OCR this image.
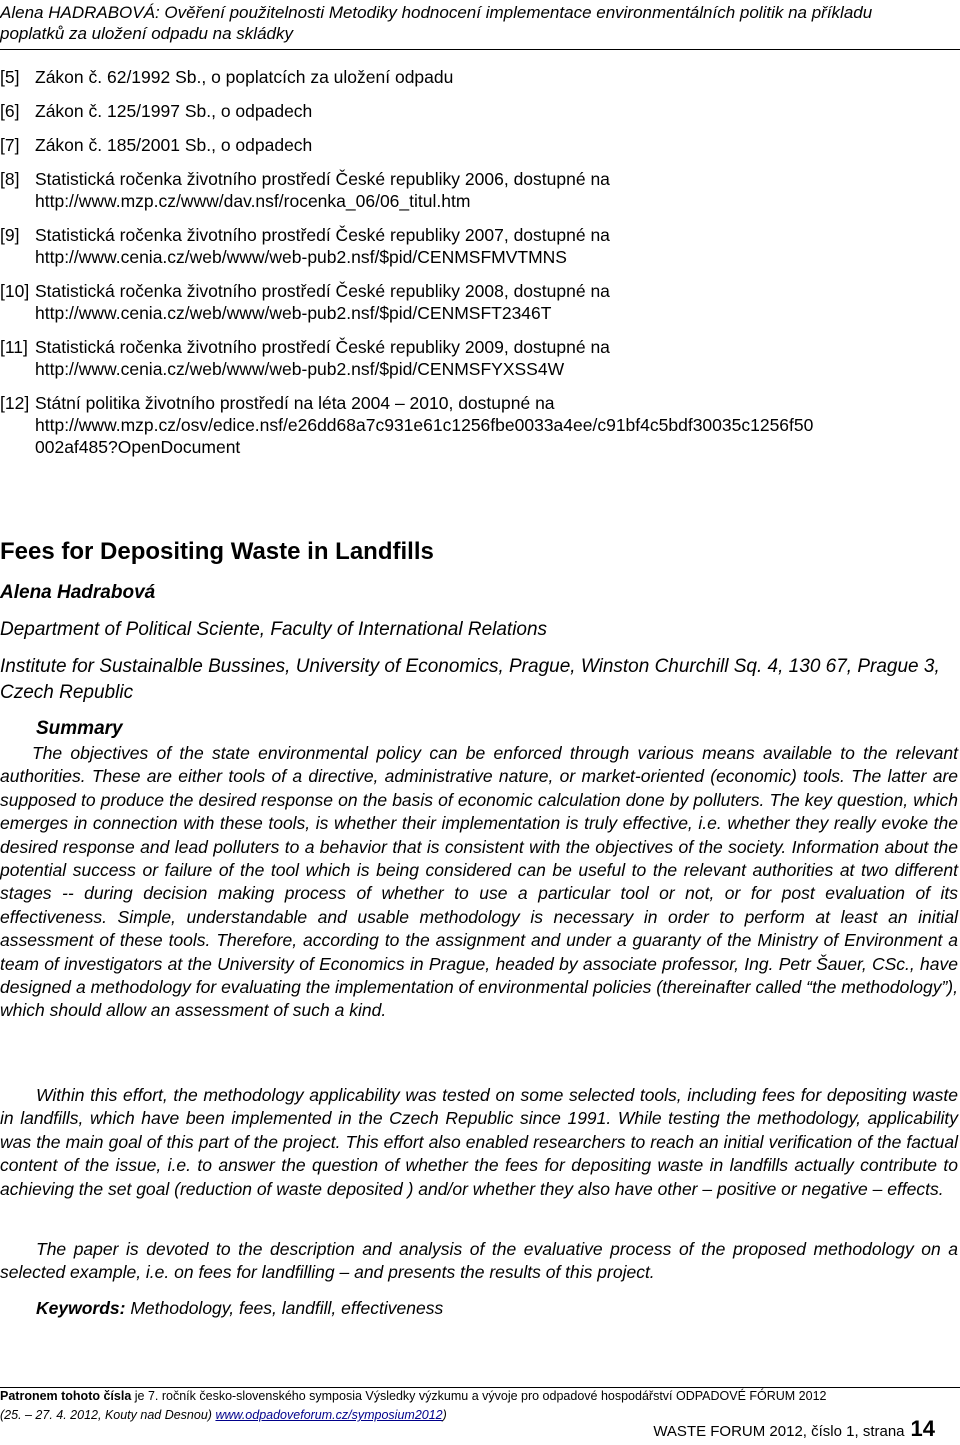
Alena HADRABOVÁ: Ověření použitelnosti Metodiky hodnocení implementace environmentálních politik na příkladu poplatků za uložení odpadu na skládky
[5] Zákon č. 62/1992 Sb., o poplatcích za uložení odpadu
[6] Zákon č. 125/1997 Sb., o odpadech
[7] Zákon č. 185/2001 Sb., o odpadech
[8] Statistická ročenka životního prostředí České republiky 2006, dostupné na
http://www.mzp.cz/www/dav.nsf/rocenka_06/06_titul.htm
[9] Statistická ročenka životního prostředí České republiky 2007, dostupné na
http://www.cenia.cz/web/www/web-pub2.nsf/$pid/CENMSFMVTMNS
[10] Statistická ročenka životního prostředí České republiky 2008, dostupné na
http://www.cenia.cz/web/www/web-pub2.nsf/$pid/CENMSFT2346T
[11] Statistická ročenka životního prostředí České republiky 2009, dostupné na
http://www.cenia.cz/web/www/web-pub2.nsf/$pid/CENMSFYXSS4W
[12] Státní politika životního prostředí na léta 2004 – 2010, dostupné na
http://www.mzp.cz/osv/edice.nsf/e26dd68a7c931e61c1256fbe0033a4ee/c91bf4c5bdf30035c1256f50
002af485?OpenDocument
Fees for Depositing Waste in Landfills
Alena Hadrabová
Department of Political Sciente, Faculty of International Relations
Institute for Sustainalble Bussines, University of Economics, Prague, Winston Churchill Sq. 4, 130 67, Prague 3, Czech Republic
Summary
The objectives of the state environmental policy can be enforced through various means available to the relevant authorities. These are either tools of a directive, administrative nature, or market-oriented (economic) tools. The latter are supposed to produce the desired response on the basis of economic calculation done by polluters. The key question, which emerges in connection with these tools, is whether their implementation is truly effective, i.e. whether they really evoke the desired response and lead polluters to a behavior that is consistent with the objectives of the society. Information about the potential success or failure of the tool which is being considered can be useful to the relevant authorities at two different stages -- during decision making process of whether to use a particular tool or not, or for post evaluation of its effectiveness. Simple, understandable and usable methodology is necessary in order to perform at least an initial assessment of these tools. Therefore, according to the assignment and under a guaranty of the Ministry of Environment a team of investigators at the University of Economics in Prague, headed by associate professor, Ing. Petr Šauer, CSc., have designed a methodology for evaluating the implementation of environmental policies (thereinafter called “the methodology”), which should allow an assessment of such a kind.
Within this effort, the methodology applicability was tested on some selected tools, including fees for depositing waste in landfills, which have been implemented in the Czech Republic since 1991. While testing the methodology, applicability was the main goal of this part of the project. This effort also enabled researchers to reach an initial verification of the factual content of the issue, i.e. to answer the question of whether the fees for depositing waste in landfills actually contribute to achieving the set goal (reduction of waste deposited ) and/or whether they also have other – positive or negative – effects.
The paper is devoted to the description and analysis of the evaluative process of the proposed methodology on a selected example, i.e. on fees for landfilling – and presents the results of this project.
Keywords: Methodology, fees, landfill, effectiveness
Patronem tohoto čísla je 7. ročník česko-slovenského symposia Výsledky výzkumu a vývoje pro odpadové hospodářství ODPADOVÉ FÓRUM 2012
(25. – 27. 4. 2012, Kouty nad Desnou) www.odpadoveforum.cz/symposium2012)
WASTE FORUM 2012, číslo 1, strana 14
